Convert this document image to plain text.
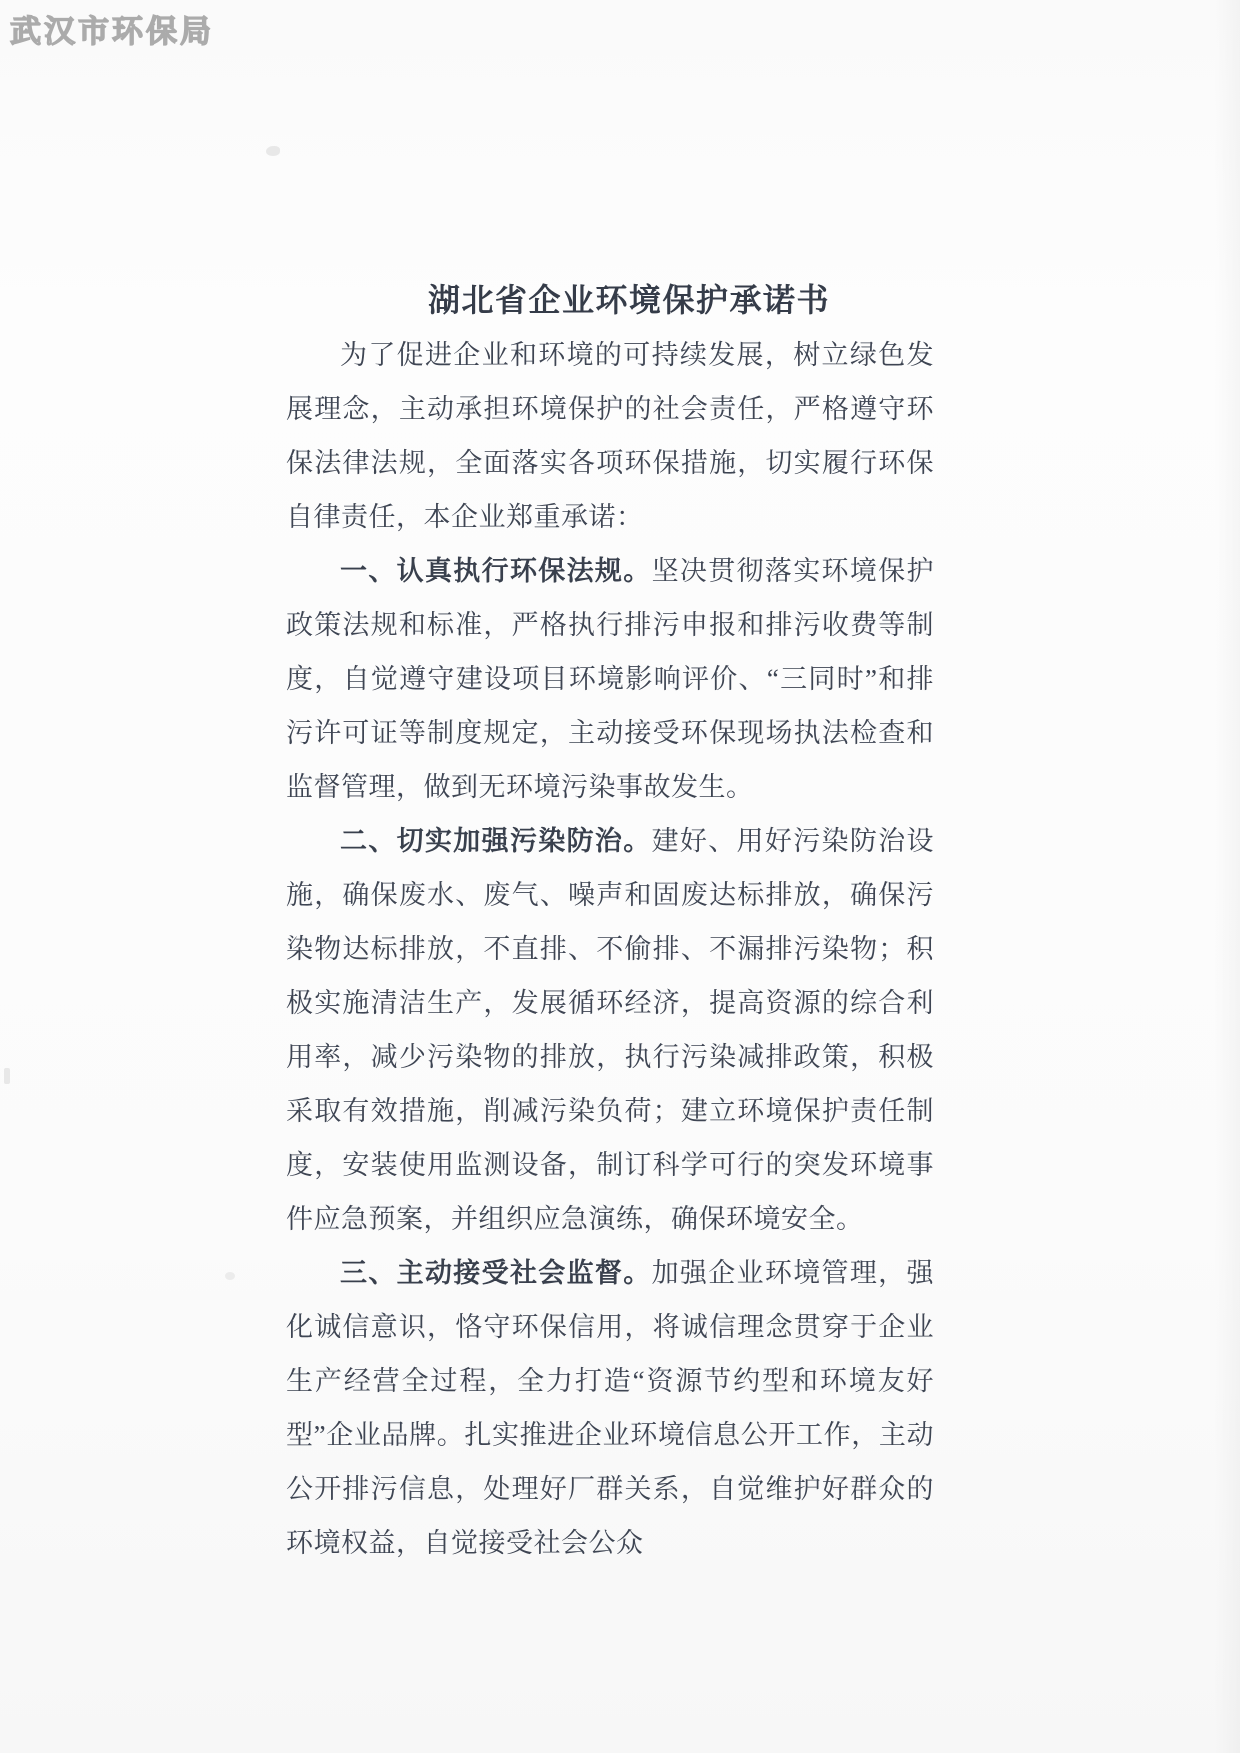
武汉市环保局
湖北省企业环境保护承诺书

为了促进企业和环境的可持续发展，树立绿色发展理念，主动承担环境保护的社会责任，严格遵守环保法律法规，全面落实各项环保措施，切实履行环保自律责任，本企业郑重承诺：

一、认真执行环保法规。坚决贯彻落实环境保护政策法规和标准，严格执行排污申报和排污收费等制度，自觉遵守建设项目环境影响评价、“三同时”和排污许可证等制度规定，主动接受环保现场执法检查和监督管理，做到无环境污染事故发生。

二、切实加强污染防治。建好、用好污染防治设施，确保废水、废气、噪声和固废达标排放，确保污染物达标排放，不直排、不偷排、不漏排污染物；积极实施清洁生产，发展循环经济，提高资源的综合利用率，减少污染物的排放，执行污染减排政策，积极采取有效措施，削减污染负荷；建立环境保护责任制度，安装使用监测设备，制订科学可行的突发环境事件应急预案，并组织应急演练，确保环境安全。

三、主动接受社会监督。加强企业环境管理，强化诚信意识，恪守环保信用，将诚信理念贯穿于企业生产经营全过程，全力打造“资源节约型和环境友好型”企业品牌。扎实推进企业环境信息公开工作，主动公开排污信息，处理好厂群关系，自觉维护好群众的环境权益，自觉接受社会公众
